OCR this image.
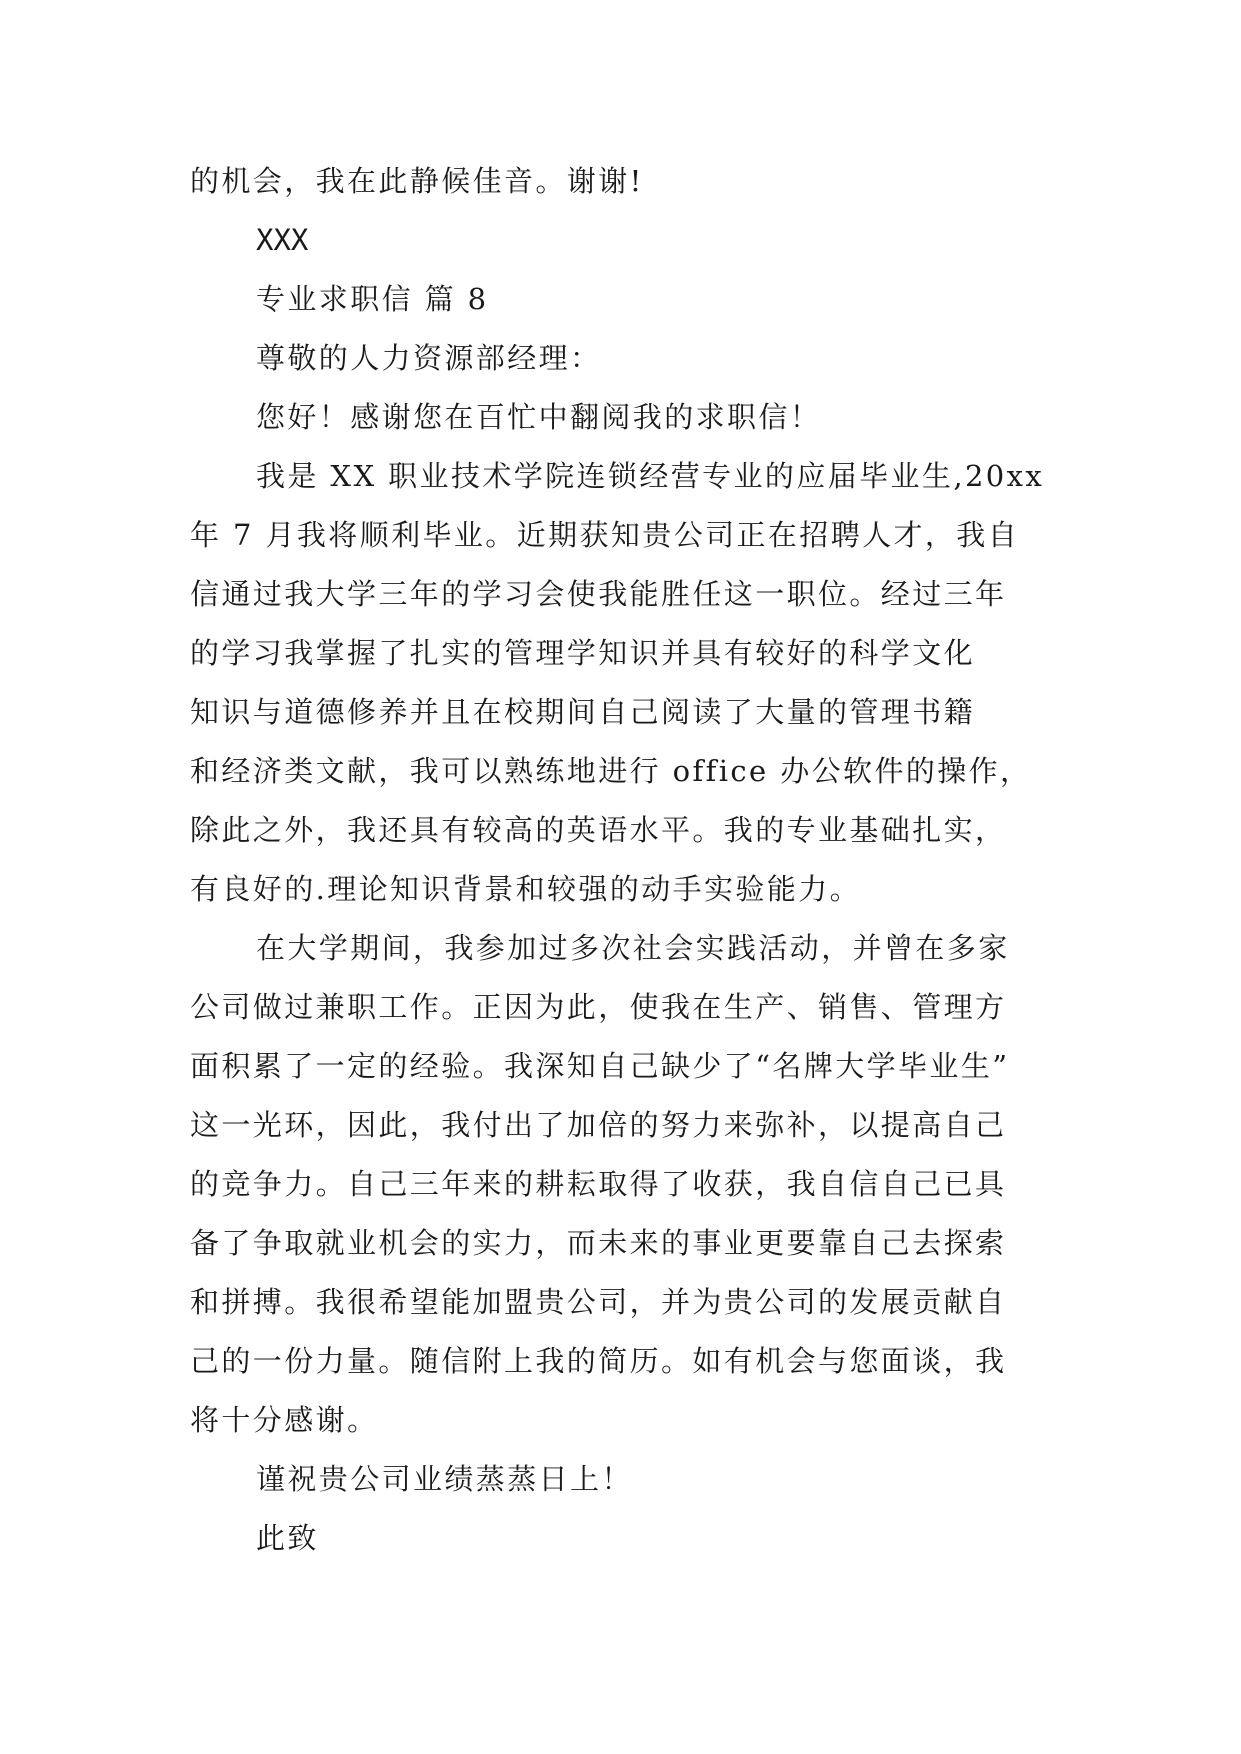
的机会，我在此静候佳音。谢谢!
XXX
专业求职信 篇 8
尊敬的人力资源部经理：
您好！感谢您在百忙中翻阅我的求职信！
我是 XX 职业技术学院连锁经营专业的应届毕业生,20xx
年 7 月我将顺利毕业。近期获知贵公司正在招聘人才，我自
信通过我大学三年的学习会使我能胜任这一职位。经过三年
的学习我掌握了扎实的管理学知识并具有较好的科学文化
知识与道德修养并且在校期间自己阅读了大量的管理书籍
和经济类文献，我可以熟练地进行 office 办公软件的操作，
除此之外，我还具有较高的英语水平。我的专业基础扎实，
有良好的.理论知识背景和较强的动手实验能力。
在大学期间，我参加过多次社会实践活动，并曾在多家
公司做过兼职工作。正因为此，使我在生产、销售、管理方
面积累了一定的经验。我深知自己缺少了“名牌大学毕业生”
这一光环，因此，我付出了加倍的努力来弥补，以提高自己
的竞争力。自己三年来的耕耘取得了收获，我自信自己已具
备了争取就业机会的实力，而未来的事业更要靠自己去探索
和拼搏。我很希望能加盟贵公司，并为贵公司的发展贡献自
己的一份力量。随信附上我的简历。如有机会与您面谈，我
将十分感谢。
谨祝贵公司业绩蒸蒸日上！
此致
